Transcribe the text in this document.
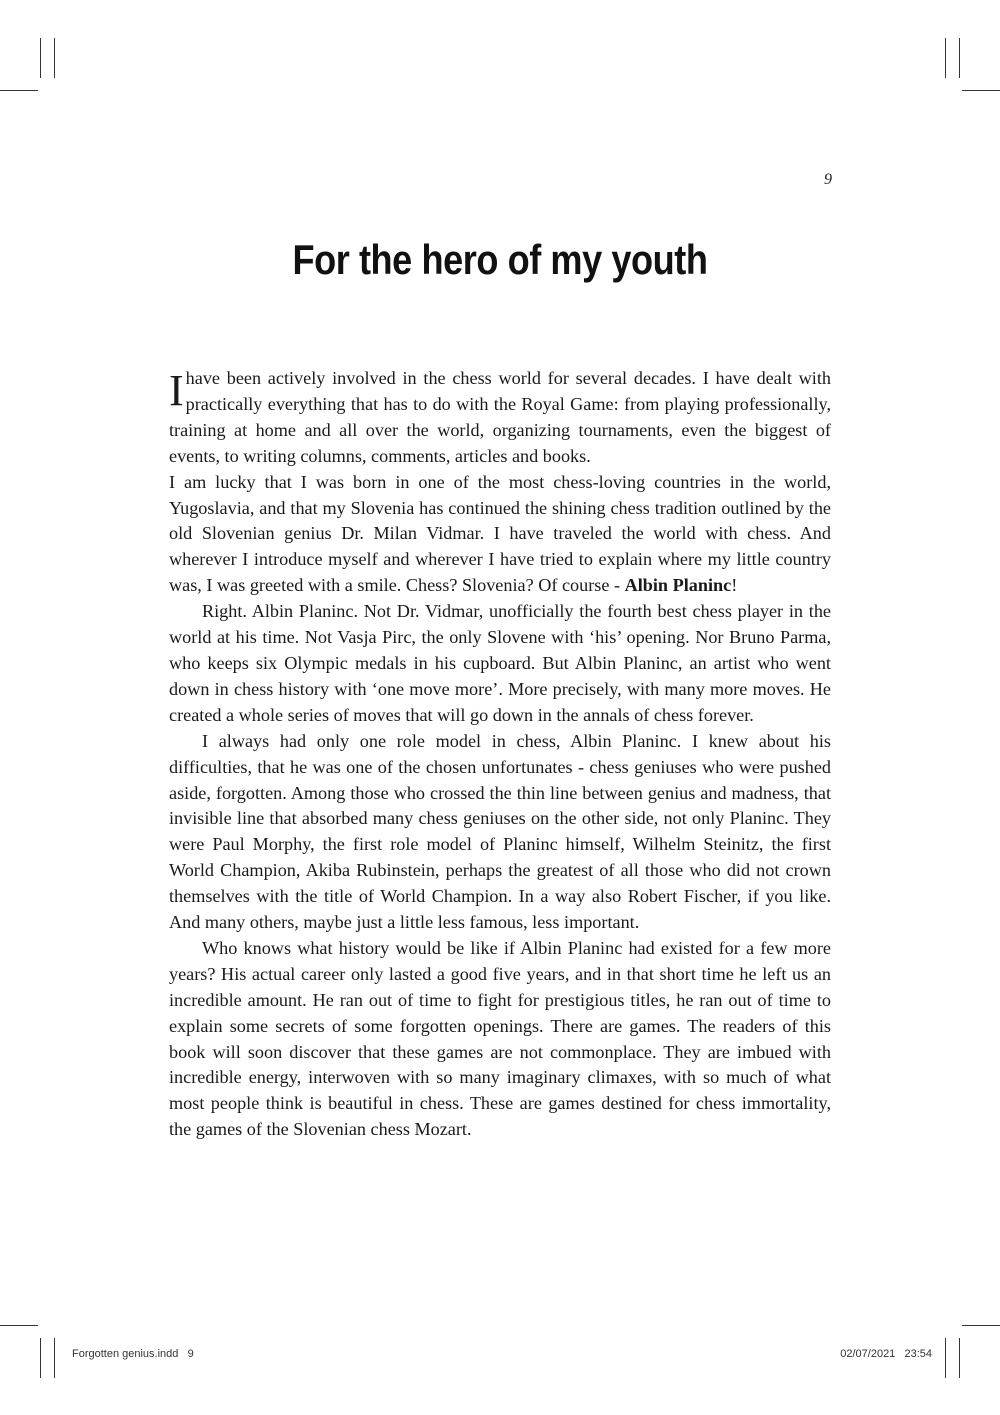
9
For the hero of my youth

I have been actively involved in the chess world for several decades. I have dealt with practically everything that has to do with the Royal Game: from playing professionally, training at home and all over the world, organizing tournaments, even the biggest of events, to writing columns, comments, articles and books.

I am lucky that I was born in one of the most chess-loving countries in the world, Yugoslavia, and that my Slovenia has continued the shining chess tradition outlined by the old Slovenian genius Dr. Milan Vidmar. I have traveled the world with chess. And wherever I introduce myself and wherever I have tried to explain where my little country was, I was greeted with a smile. Chess? Slovenia? Of course - Albin Planinc!

Right. Albin Planinc. Not Dr. Vidmar, unofficially the fourth best chess player in the world at his time. Not Vasja Pirc, the only Slovene with ‘his’ opening. Nor Bruno Parma, who keeps six Olympic medals in his cupboard. But Albin Planinc, an artist who went down in chess history with ‘one move more’. More precisely, with many more moves. He created a whole series of moves that will go down in the annals of chess forever.

I always had only one role model in chess, Albin Planinc. I knew about his difficulties, that he was one of the chosen unfortunates - chess geniuses who were pushed aside, forgotten. Among those who crossed the thin line between genius and madness, that invisible line that absorbed many chess geniuses on the other side, not only Planinc. They were Paul Morphy, the first role model of Planinc himself, Wilhelm Steinitz, the first World Champion, Akiba Rubinstein, perhaps the greatest of all those who did not crown themselves with the title of World Champion. In a way also Robert Fischer, if you like. And many others, maybe just a little less famous, less important.

Who knows what history would be like if Albin Planinc had existed for a few more years? His actual career only lasted a good five years, and in that short time he left us an incredible amount. He ran out of time to fight for prestigious titles, he ran out of time to explain some secrets of some forgotten openings. There are games. The readers of this book will soon discover that these games are not commonplace. They are imbued with incredible energy, interwoven with so many imaginary climaxes, with so much of what most people think is beautiful in chess. These are games destined for chess immortality, the games of the Slovenian chess Mozart.

Forgotten genius.indd   9	02/07/2021   23:54
